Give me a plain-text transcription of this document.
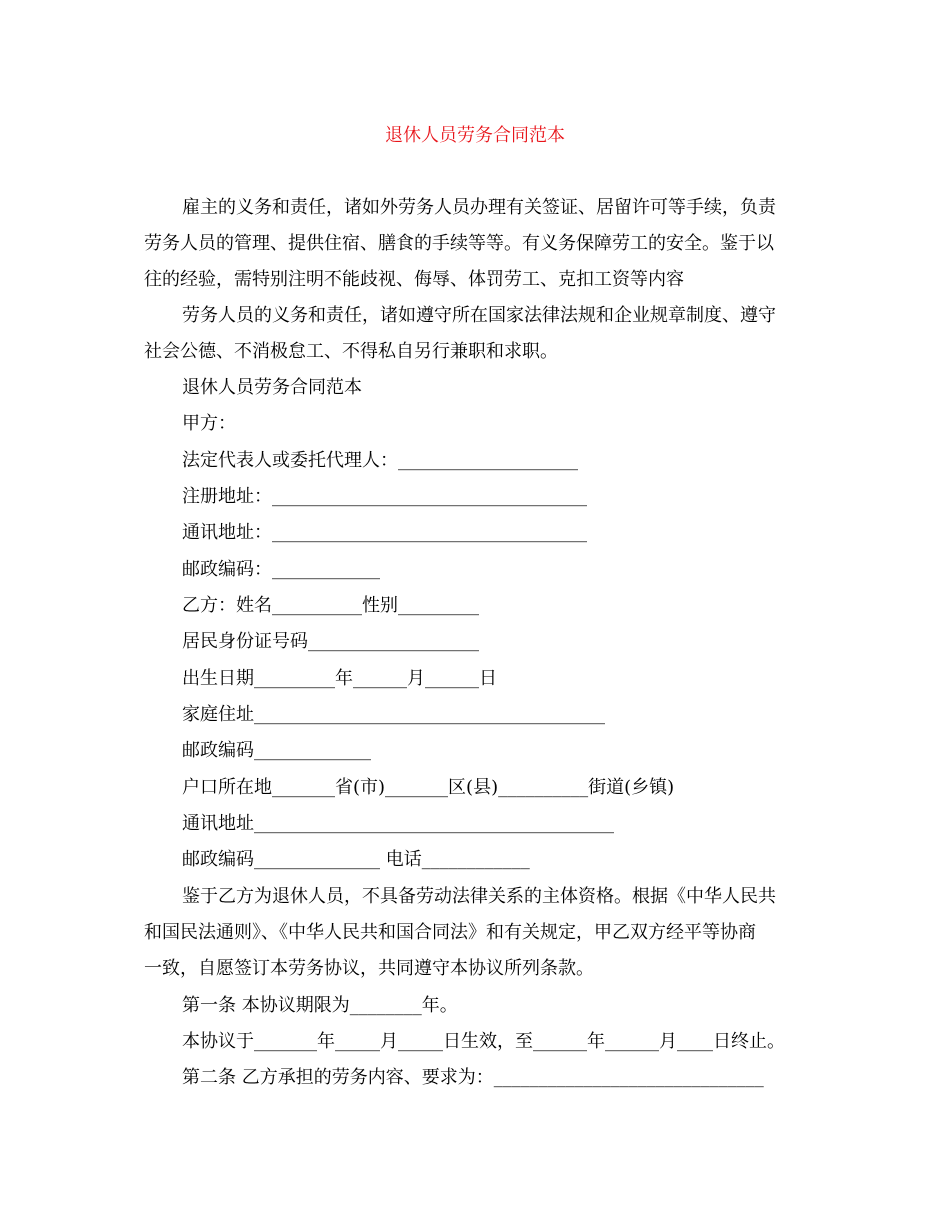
退休人员劳务合同范本
雇主的义务和责任，诸如外劳务人员办理有关签证、居留许可等手续，负责
劳务人员的管理、提供住宿、膳食的手续等等。有义务保障劳工的安全。鉴于以
往的经验，需特别注明不能歧视、侮辱、体罚劳工、克扣工资等内容
劳务人员的义务和责任，诸如遵守所在国家法律法规和企业规章制度、遵守
社会公德、不消极怠工、不得私自另行兼职和求职。
退休人员劳务合同范本
甲方：
法定代表人或委托代理人：____________________
注册地址：___________________________________
通讯地址：___________________________________
邮政编码：____________
乙方：姓名__________性别_________
居民身份证号码___________________
出生日期_________年______月______日
家庭住址_______________________________________
邮政编码_____________
户口所在地_______省(市)_______区(县)__________街道(乡镇)
通讯地址________________________________________
邮政编码______________ 电话____________
鉴于乙方为退休人员，不具备劳动法律关系的主体资格。根据《中华人民共
和国民法通则》、《中华人民共和国合同法》和有关规定，甲乙双方经平等协商
一致，自愿签订本劳务协议，共同遵守本协议所列条款。
第一条 本协议期限为________年。
本协议于_______年_____月_____日生效，至______年______月____日终止。
第二条 乙方承担的劳务内容、要求为：______________________________
